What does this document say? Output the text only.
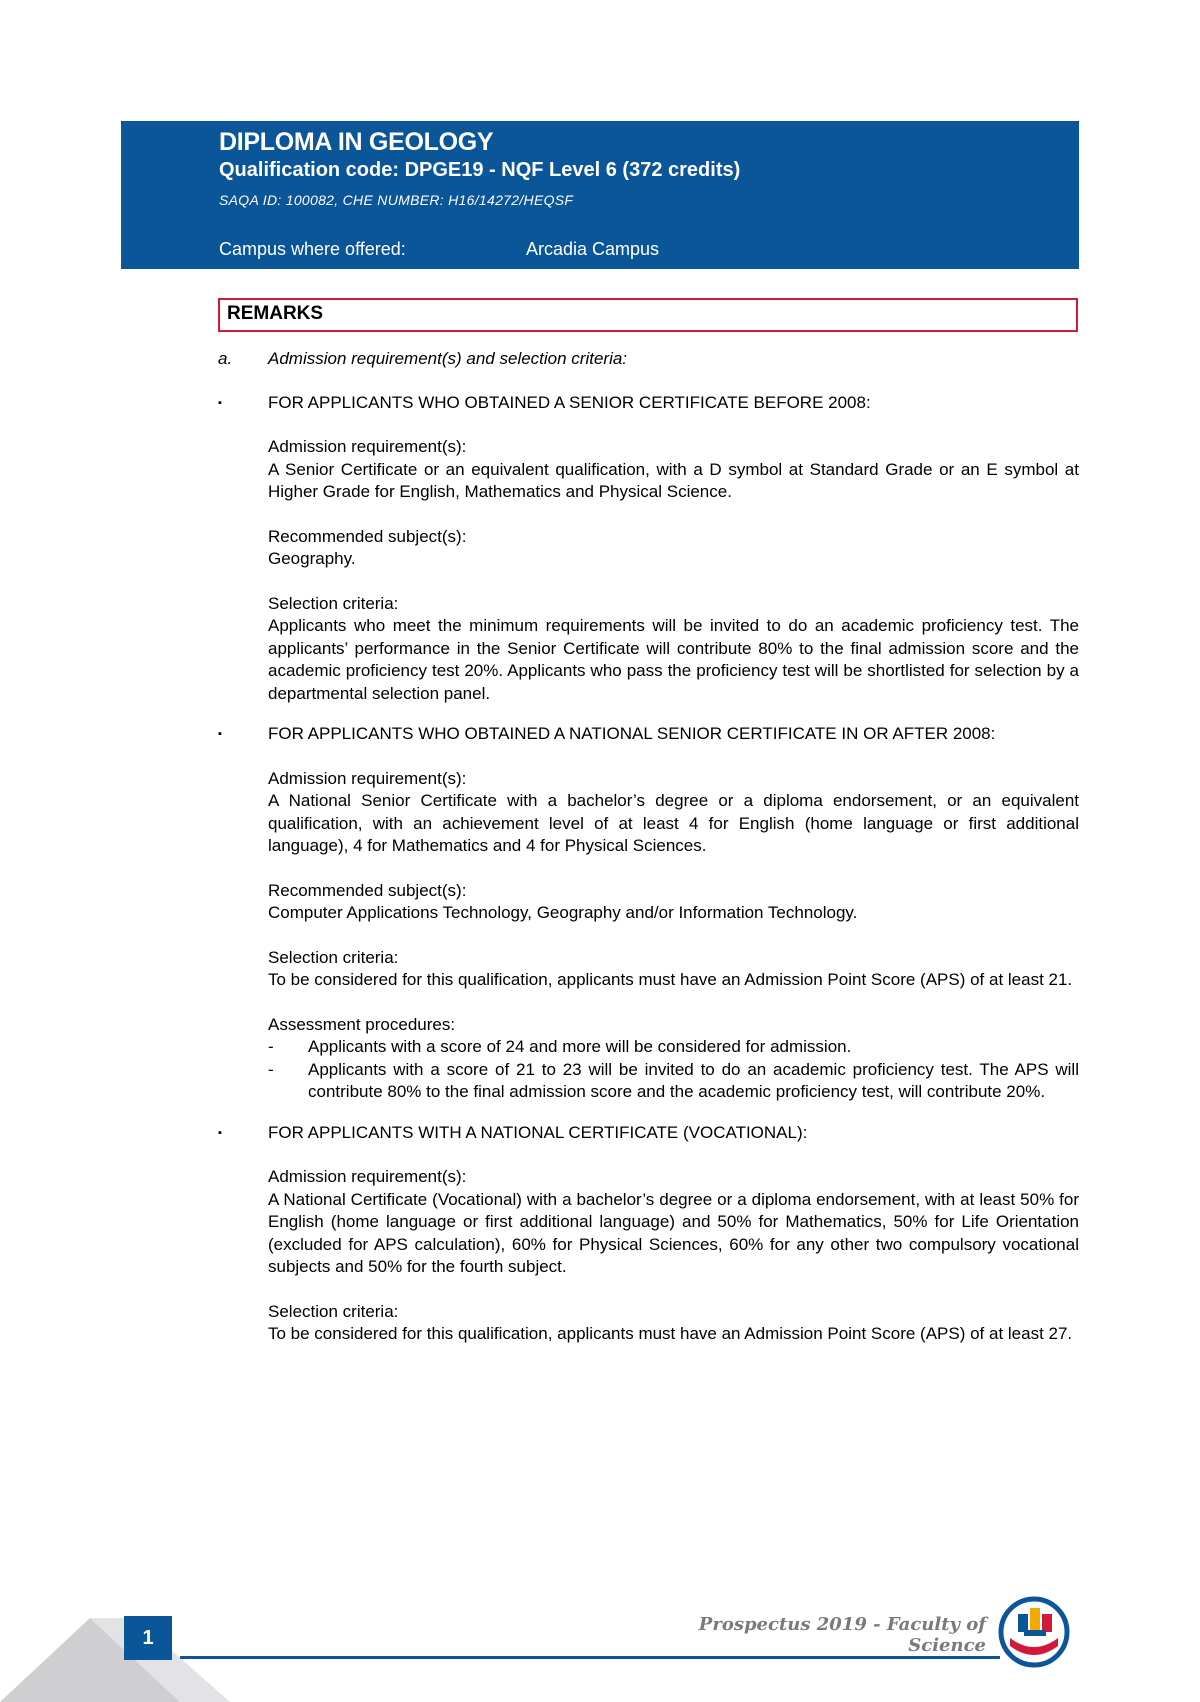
DIPLOMA IN GEOLOGY
Qualification code: DPGE19 - NQF Level 6 (372 credits)
SAQA ID: 100082, CHE NUMBER: H16/14272/HEQSF
Campus where offered:	Arcadia Campus
REMARKS
a.	Admission requirement(s) and selection criteria:
▪	FOR APPLICANTS WHO OBTAINED A SENIOR CERTIFICATE BEFORE 2008:
Admission requirement(s):
A Senior Certificate or an equivalent qualification, with a D symbol at Standard Grade or an E symbol at Higher Grade for English, Mathematics and Physical Science.
Recommended subject(s):
Geography.
Selection criteria:
Applicants who meet the minimum requirements will be invited to do an academic proficiency test. The applicants’ performance in the Senior Certificate will contribute 80% to the final admission score and the academic proficiency test 20%. Applicants who pass the proficiency test will be shortlisted for selection by a departmental selection panel.
▪	FOR APPLICANTS WHO OBTAINED A NATIONAL SENIOR CERTIFICATE IN OR AFTER 2008:
Admission requirement(s):
A National Senior Certificate with a bachelor’s degree or a diploma endorsement, or an equivalent qualification, with an achievement level of at least 4 for English (home language or first additional language), 4 for Mathematics and 4 for Physical Sciences.
Recommended subject(s):
Computer Applications Technology, Geography and/or Information Technology.
Selection criteria:
To be considered for this qualification, applicants must have an Admission Point Score (APS) of at least 21.
Assessment procedures:
-	Applicants with a score of 24 and more will be considered for admission.
-	Applicants with a score of 21 to 23 will be invited to do an academic proficiency test. The APS will contribute 80% to the final admission score and the academic proficiency test, will contribute 20%.
▪	FOR APPLICANTS WITH A NATIONAL CERTIFICATE (VOCATIONAL):
Admission requirement(s):
A National Certificate (Vocational) with a bachelor’s degree or a diploma endorsement, with at least 50% for English (home language or first additional language) and 50% for Mathematics, 50% for Life Orientation (excluded for APS calculation), 60% for Physical Sciences, 60% for any other two compulsory vocational subjects and 50% for the fourth subject.
Selection criteria:
To be considered for this qualification, applicants must have an Admission Point Score (APS) of at least 27.
1
Prospectus 2019 - Faculty of Science
